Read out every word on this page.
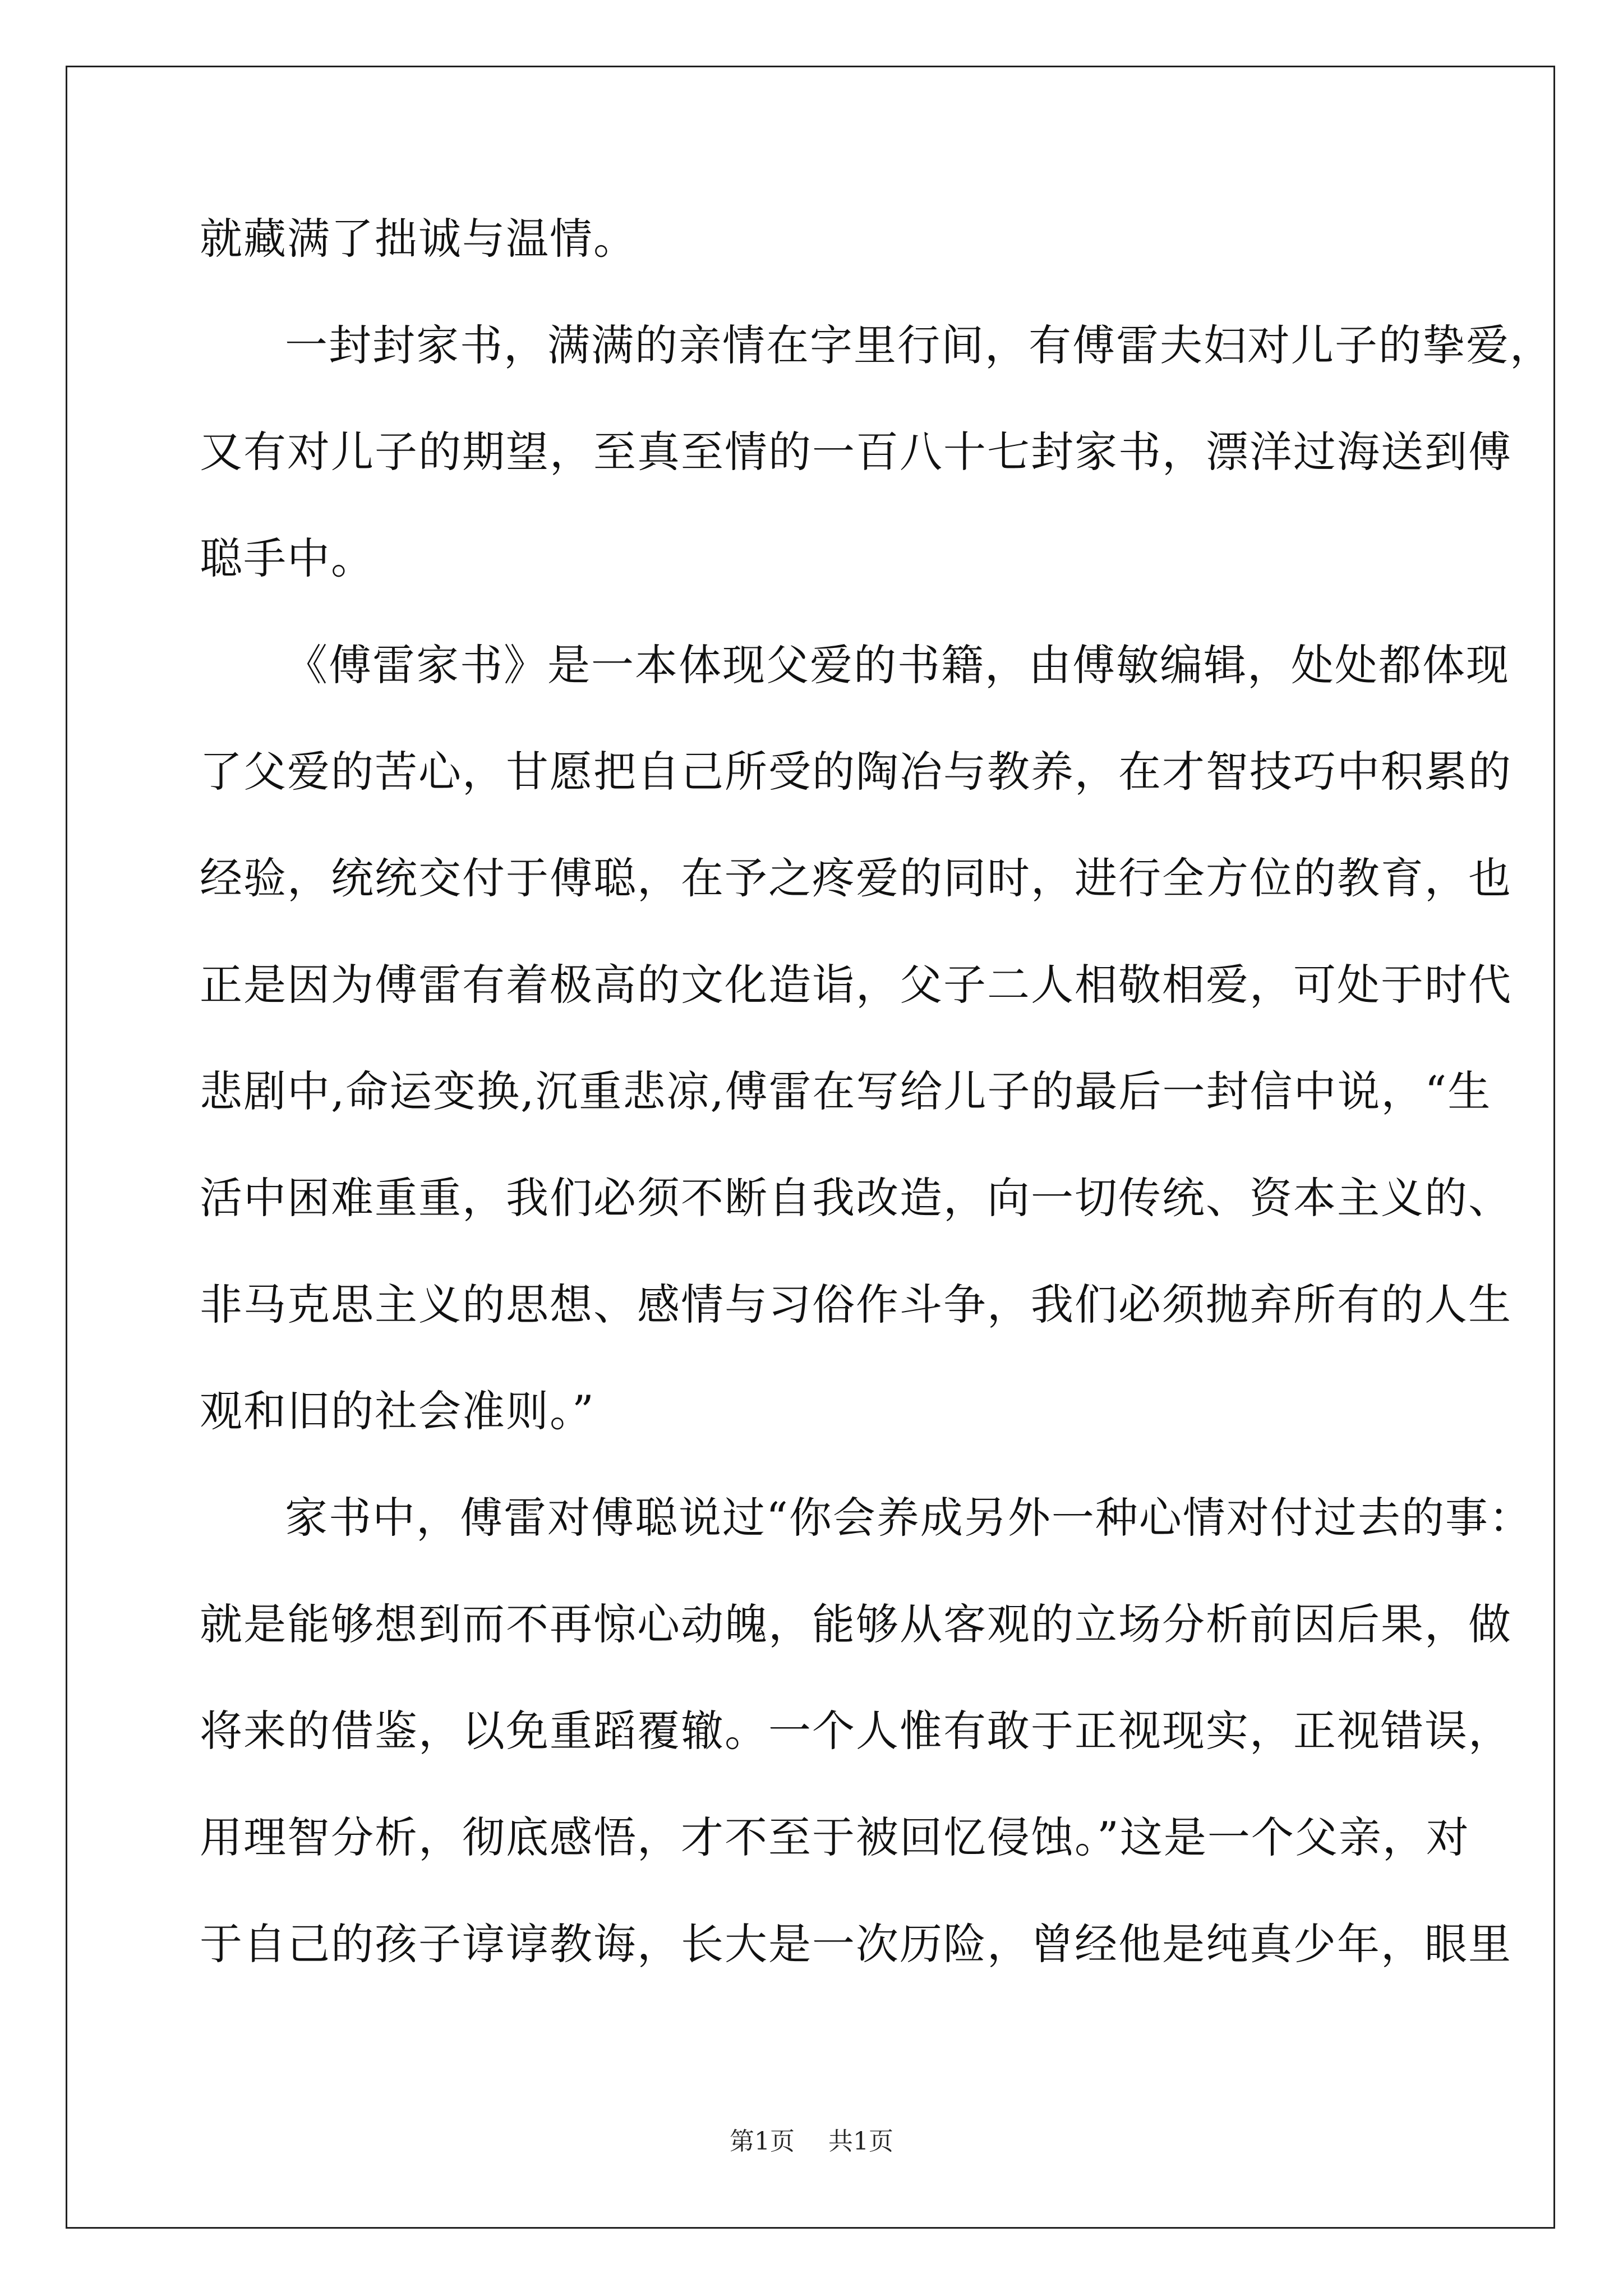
就藏满了拙诚与温情。
一封封家书，满满的亲情在字里行间，有傅雷夫妇对儿子的挚爱，
又有对儿子的期望，至真至情的一百八十七封家书，漂洋过海送到傅
聪手中。
《傅雷家书》是一本体现父爱的书籍，由傅敏编辑，处处都体现
了父爱的苦心，甘愿把自己所受的陶冶与教养，在才智技巧中积累的
经验，统统交付于傅聪，在予之疼爱的同时，进行全方位的教育，也
正是因为傅雷有着极高的文化造诣，父子二人相敬相爱，可处于时代
悲剧中,命运变换,沉重悲凉,傅雷在写给儿子的最后一封信中说，“生
活中困难重重，我们必须不断自我改造，向一切传统、资本主义的、
非马克思主义的思想、感情与习俗作斗争，我们必须抛弃所有的人生
观和旧的社会准则。”
家书中，傅雷对傅聪说过“你会养成另外一种心情对付过去的事：
就是能够想到而不再惊心动魄，能够从客观的立场分析前因后果，做
将来的借鉴，以免重蹈覆辙。一个人惟有敢于正视现实，正视错误，
用理智分析，彻底感悟，才不至于被回忆侵蚀。”这是一个父亲，对
于自己的孩子谆谆教诲，长大是一次历险，曾经他是纯真少年，眼里
第1页 共1页
